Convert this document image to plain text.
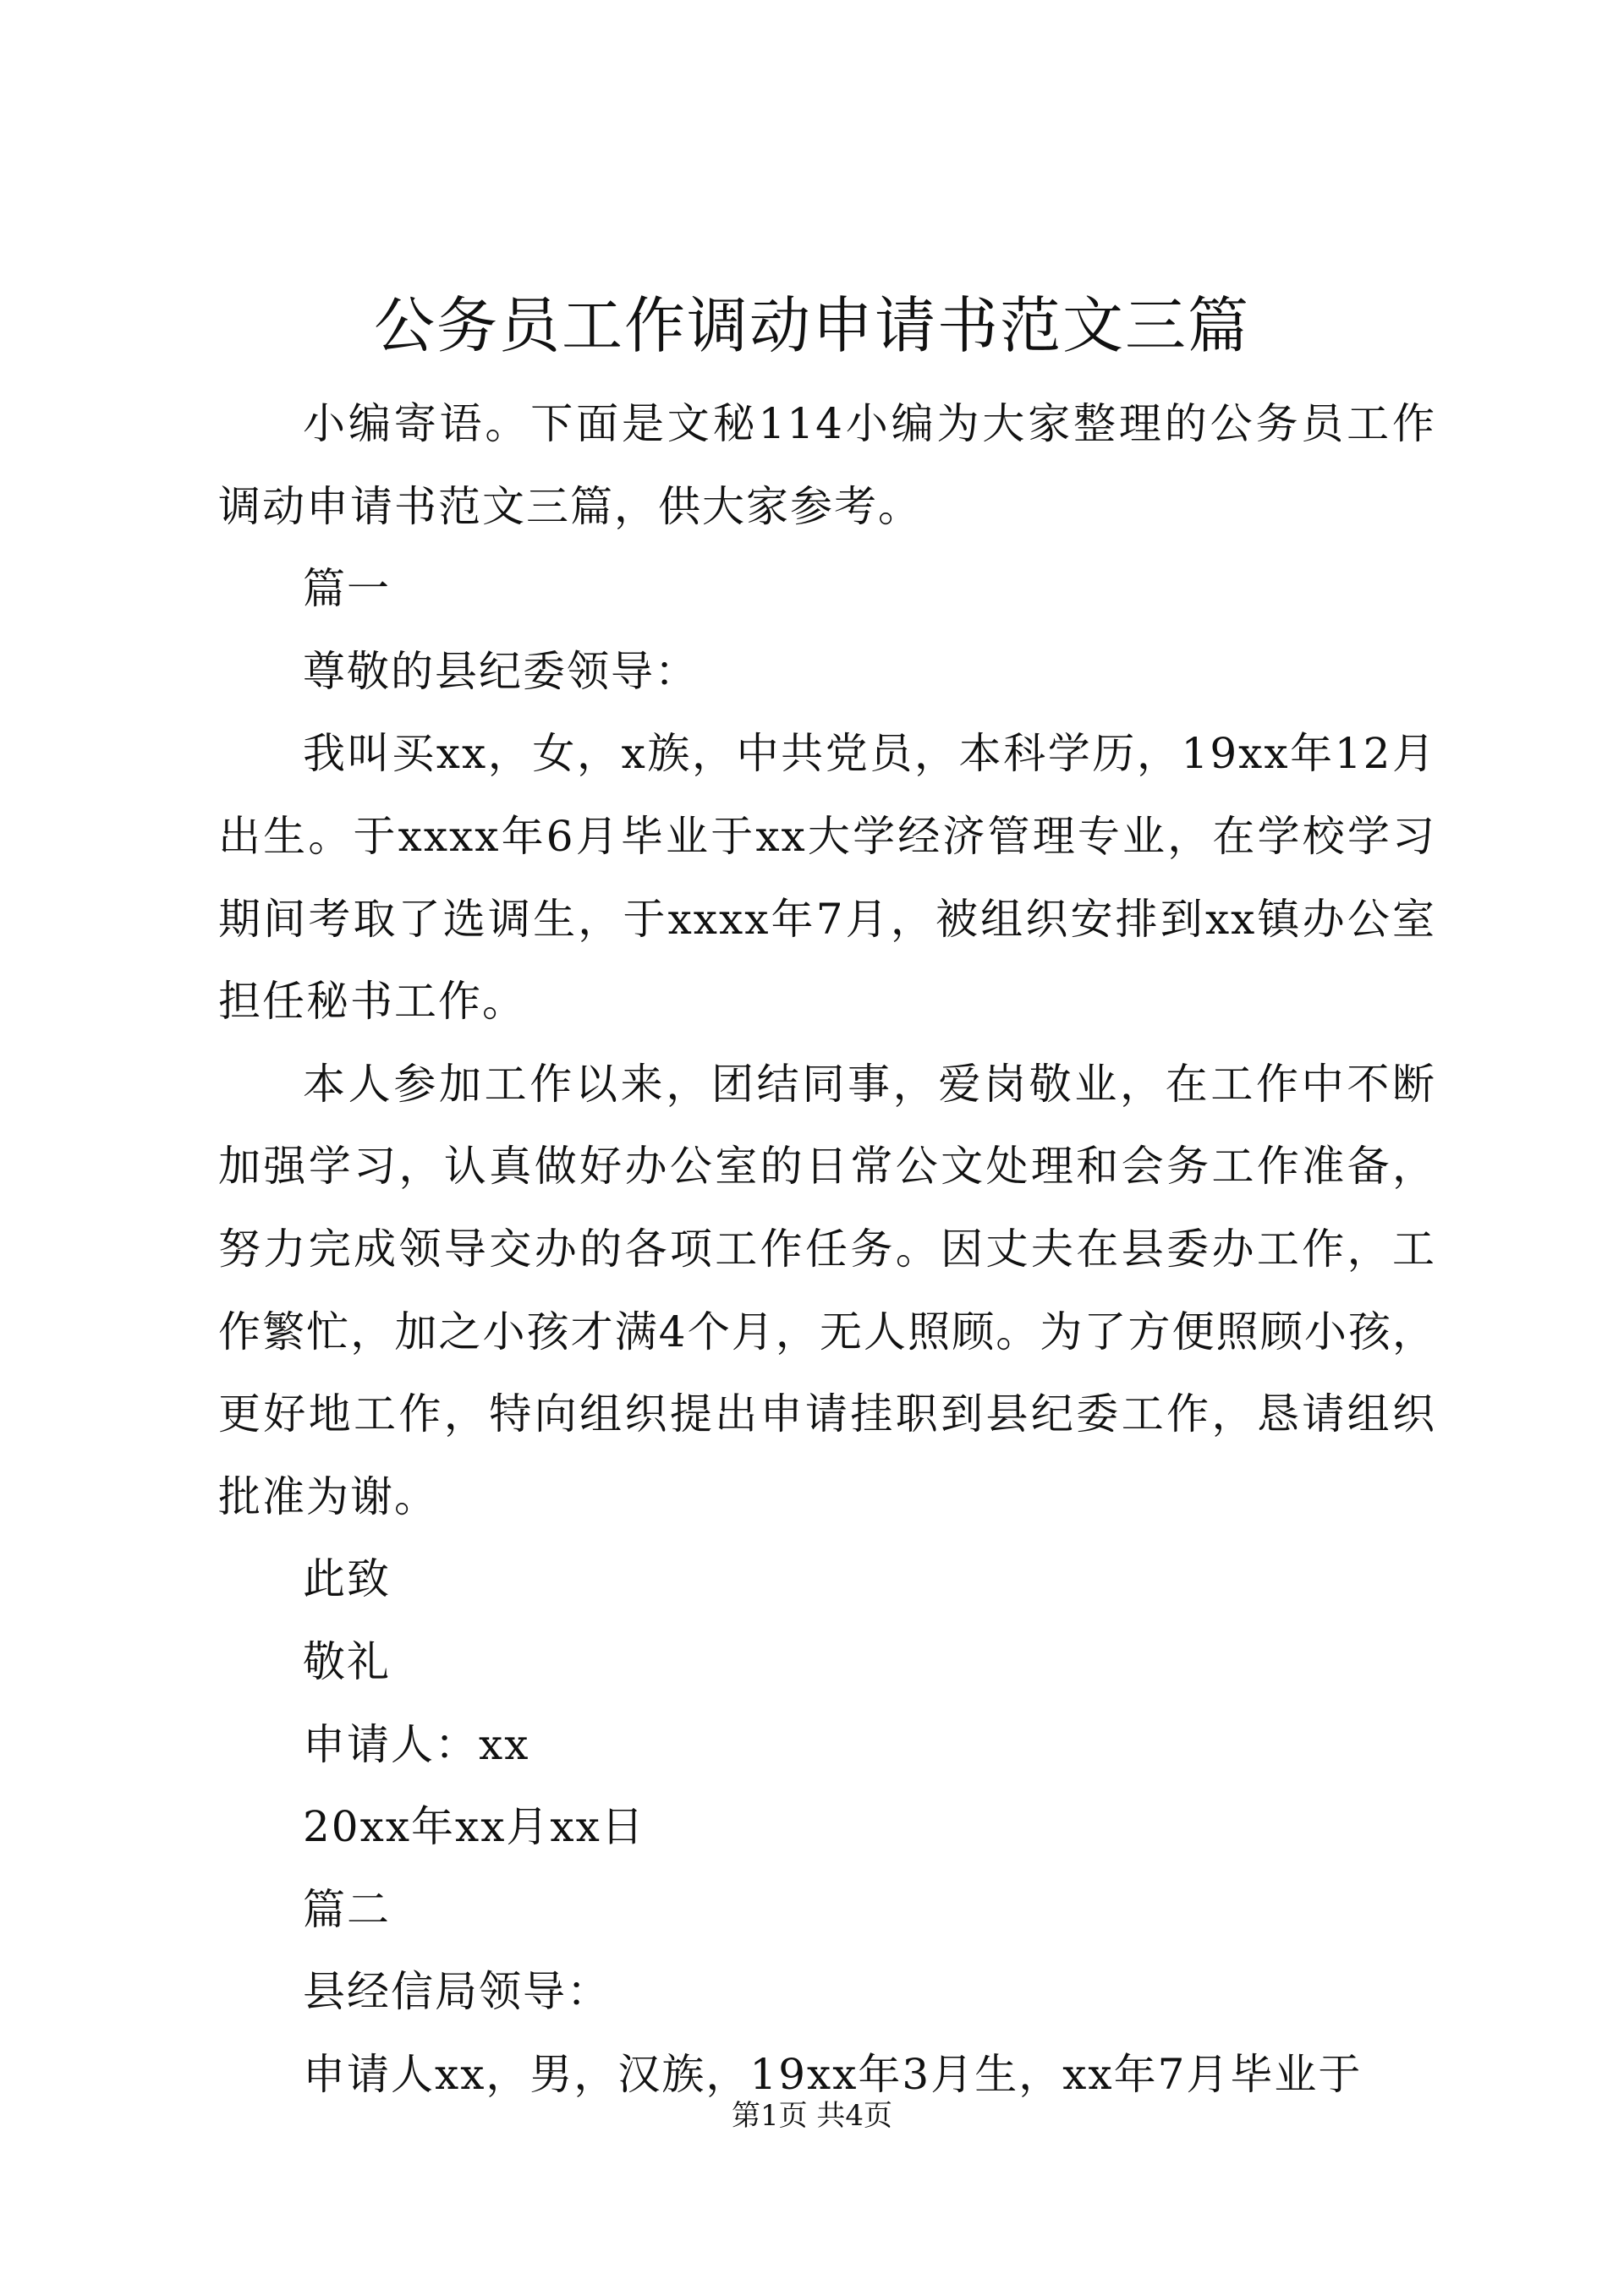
公务员工作调动申请书范文三篇

小编寄语。下面是文秘114小编为大家整理的公务员工作调动申请书范文三篇，供大家参考。

篇一

尊敬的县纪委领导：

我叫买xx，女，x族，中共党员，本科学历，19xx年12月出生。于xxxx年6月毕业于xx大学经济管理专业，在学校学习期间考取了选调生，于xxxx年7月，被组织安排到xx镇办公室担任秘书工作。

本人参加工作以来，团结同事，爱岗敬业，在工作中不断加强学习，认真做好办公室的日常公文处理和会务工作准备，努力完成领导交办的各项工作任务。因丈夫在县委办工作，工作繁忙，加之小孩才满4个月，无人照顾。为了方便照顾小孩，更好地工作，特向组织提出申请挂职到县纪委工作，恳请组织批准为谢。

此致

敬礼

申请人：xx

20xx年xx月xx日

篇二

县经信局领导：

申请人xx，男，汉族，19xx年3月生，xx年7月毕业于

第1页 共4页
